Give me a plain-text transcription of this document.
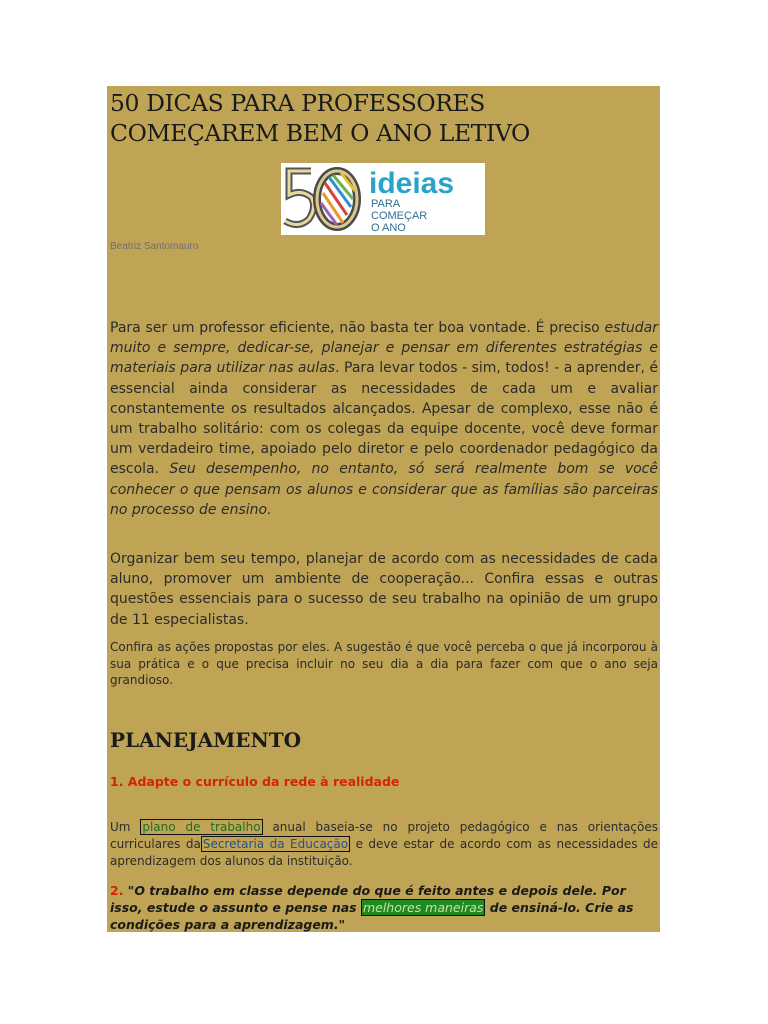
50 DICAS PARA PROFESSORES COMEÇAREM BEM O ANO LETIVO
ideias
PARA
COMEÇAR
O ANO
Beatriz Santomauro

Para ser um professor eficiente, não basta ter boa vontade. É preciso estudar muito e sempre, dedicar-se, planejar e pensar em diferentes estratégias e materiais para utilizar nas aulas. Para levar todos - sim, todos! - a aprender, é essencial ainda considerar as necessidades de cada um e avaliar constantemente os resultados alcançados. Apesar de complexo, esse não é um trabalho solitário: com os colegas da equipe docente, você deve formar um verdadeiro time, apoiado pelo diretor e pelo coordenador pedagógico da escola. Seu desempenho, no entanto, só será realmente bom se você conhecer o que pensam os alunos e considerar que as famílias são parceiras no processo de ensino.

Organizar bem seu tempo, planejar de acordo com as necessidades de cada aluno, promover um ambiente de cooperação... Confira essas e outras questões essenciais para o sucesso de seu trabalho na opinião de um grupo de 11 especialistas.

Confira as ações propostas por eles. A sugestão é que você perceba o que já incorporou à sua prática e o que precisa incluir no seu dia a dia para fazer com que o ano seja grandioso.

PLANEJAMENTO

1. Adapte o currículo da rede à realidade

Um plano de trabalho anual baseia-se no projeto pedagógico e nas orientações curriculares da Secretaria da Educação e deve estar de acordo com as necessidades de aprendizagem dos alunos da instituição.

2. "O trabalho em classe depende do que é feito antes e depois dele. Por isso, estude o assunto e pense nas melhores maneiras de ensiná-lo. Crie as condições para a aprendizagem."
